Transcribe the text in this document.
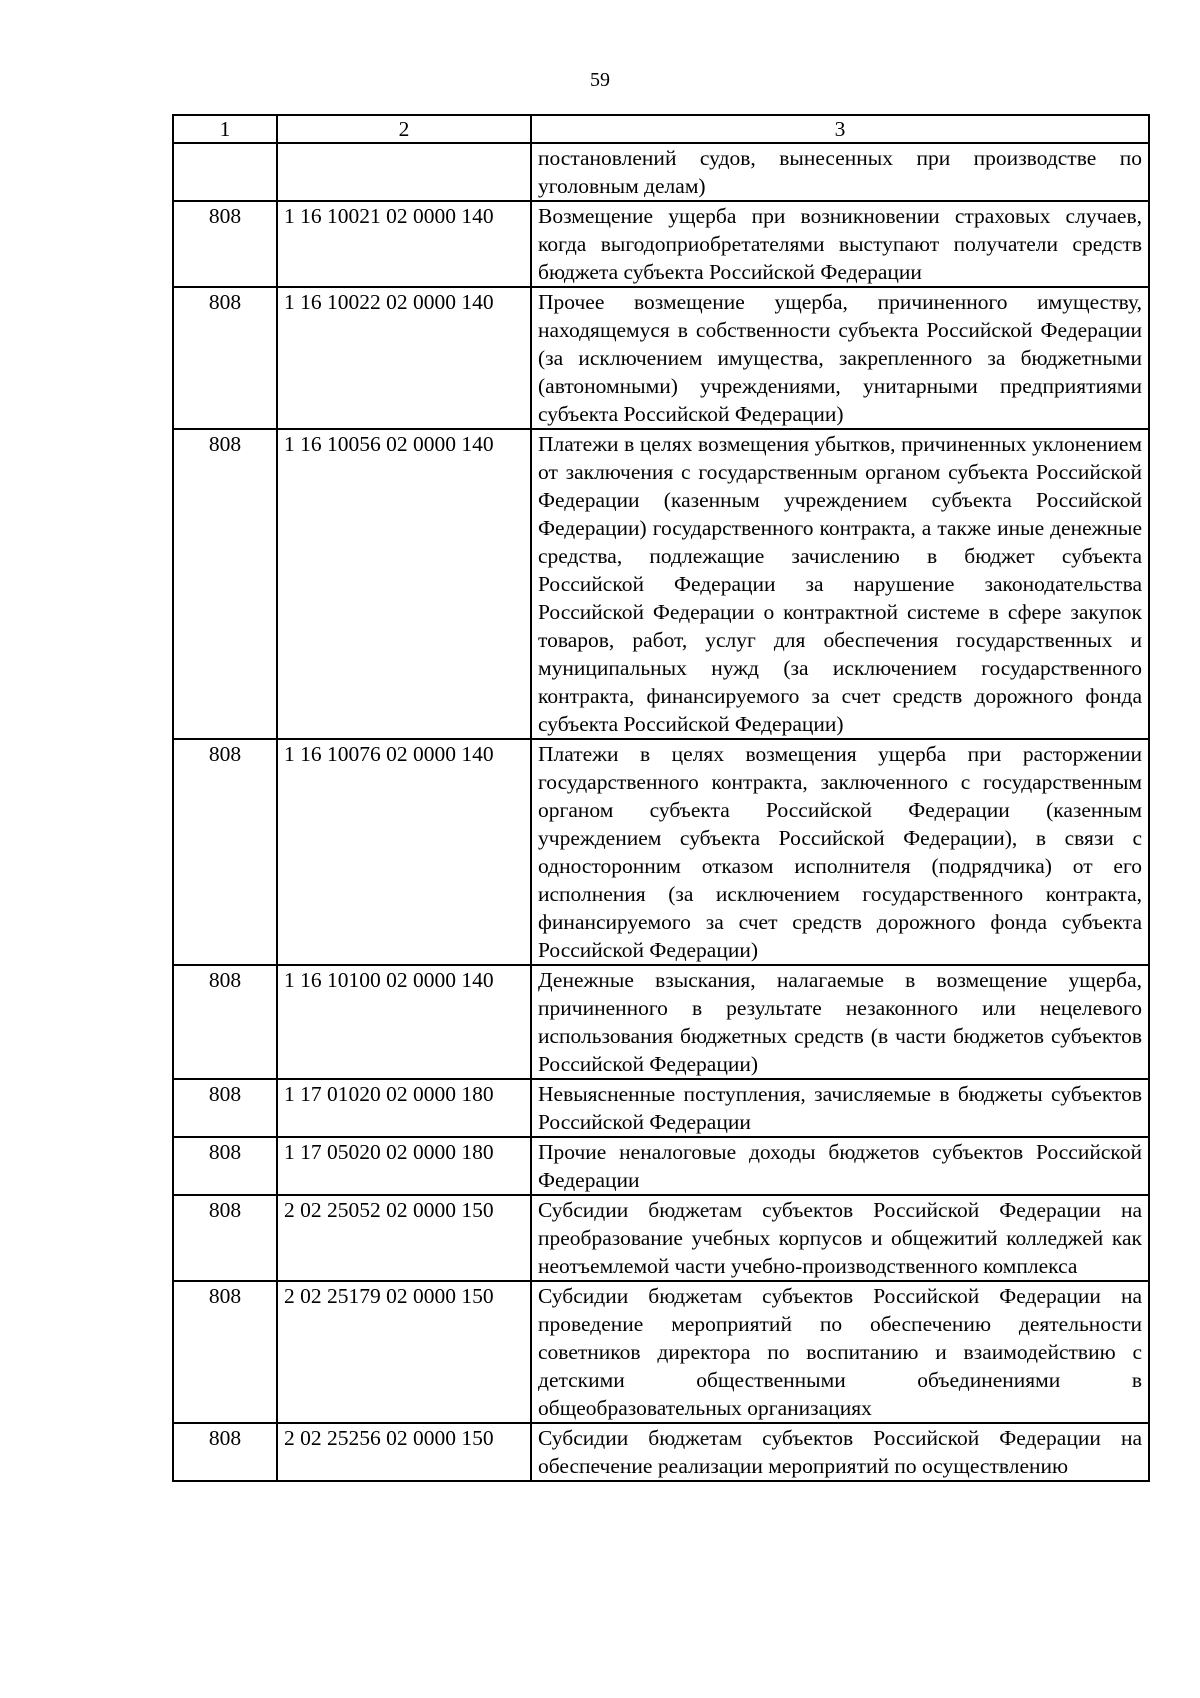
59
1	2	3
		постановлений судов, вынесенных при производстве по уголовным делам)
808	1 16 10021 02 0000 140	Возмещение ущерба при возникновении страховых случаев, когда выгодоприобретателями выступают получатели средств бюджета субъекта Российской Федерации
808	1 16 10022 02 0000 140	Прочее возмещение ущерба, причиненного имуществу, находящемуся в собственности субъекта Российской Федерации (за исключением имущества, закрепленного за бюджетными (автономными) учреждениями, унитарными предприятиями субъекта Российской Федерации)
808	1 16 10056 02 0000 140	Платежи в целях возмещения убытков, причиненных уклонением от заключения с государственным органом субъекта Российской Федерации (казенным учреждением субъекта Российской Федерации) государственного контракта, а также иные денежные средства, подлежащие зачислению в бюджет субъекта Российской Федерации за нарушение законодательства Российской Федерации о контрактной системе в сфере закупок товаров, работ, услуг для обеспечения государственных и муниципальных нужд (за исключением государственного контракта, финансируемого за счет средств дорожного фонда субъекта Российской Федерации)
808	1 16 10076 02 0000 140	Платежи в целях возмещения ущерба при расторжении государственного контракта, заключенного с государственным органом субъекта Российской Федерации (казенным учреждением субъекта Российской Федерации), в связи с односторонним отказом исполнителя (подрядчика) от его исполнения (за исключением государственного контракта, финансируемого за счет средств дорожного фонда субъекта Российской Федерации)
808	1 16 10100 02 0000 140	Денежные взыскания, налагаемые в возмещение ущерба, причиненного в результате незаконного или нецелевого использования бюджетных средств (в части бюджетов субъектов Российской Федерации)
808	1 17 01020 02 0000 180	Невыясненные поступления, зачисляемые в бюджеты субъектов Российской Федерации
808	1 17 05020 02 0000 180	Прочие неналоговые доходы бюджетов субъектов Российской Федерации
808	2 02 25052 02 0000 150	Субсидии бюджетам субъектов Российской Федерации на преобразование учебных корпусов и общежитий колледжей как неотъемлемой части учебно-производственного комплекса
808	2 02 25179 02 0000 150	Субсидии бюджетам субъектов Российской Федерации на проведение мероприятий по обеспечению деятельности советников директора по воспитанию и взаимодействию с детскими общественными объединениями в общеобразовательных организациях
808	2 02 25256 02 0000 150	Субсидии бюджетам субъектов Российской Федерации на обеспечение реализации мероприятий по осуществлению
